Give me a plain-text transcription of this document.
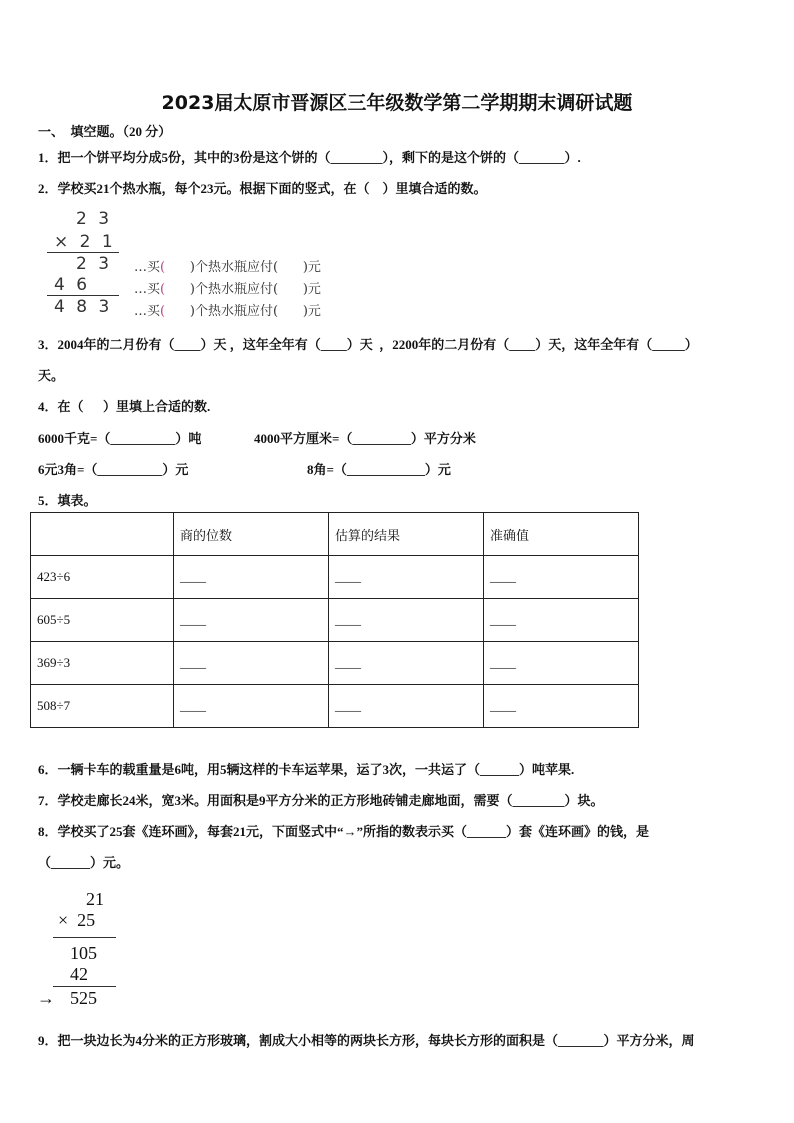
2023届太原市晋源区三年级数学第二学期期末调研试题
一、  填空题。（20 分）
1．把一个饼平均分成5份，其中的3份是这个饼的（________），剩下的是这个饼的（_______）.
2．学校买21个热水瓶，每个23元。根据下面的竖式，在（    ）里填合适的数。
2 3
× 2 1
2 3
4 6
4 8 3
…买( )个热水瓶应付( )元
…买( )个热水瓶应付( )元
…买( )个热水瓶应付( )元
3．2004年的二月份有（____）天 ，这年全年有（____）天  ，2200年的二月份有（____）天，这年全年有（_____）
天。
4．在（      ）里填上合适的数.
6000千克=（__________）吨	4000平方厘米=（_________）平方分米
6元3角=（__________）元	8角=（____________）元
5．填表。
	商的位数	估算的结果	准确值
423÷6	____	____	____
605÷5	____	____	____
369÷3	____	____	____
508÷7	____	____	____
6．一辆卡车的载重量是6吨，用5辆这样的卡车运苹果，运了3次，一共运了（______）吨苹果.
7．学校走廊长24米，宽3米。用面积是9平方分米的正方形地砖铺走廊地面，需要（________）块。
8．学校买了25套《连环画》，每套21元，下面竖式中“→”所指的数表示买（______）套《连环画》的钱，是
（______）元。
21
×  25
105
42
→ 525
9．把一块边长为4分米的正方形玻璃，割成大小相等的两块长方形，每块长方形的面积是（_______）平方分米，周
